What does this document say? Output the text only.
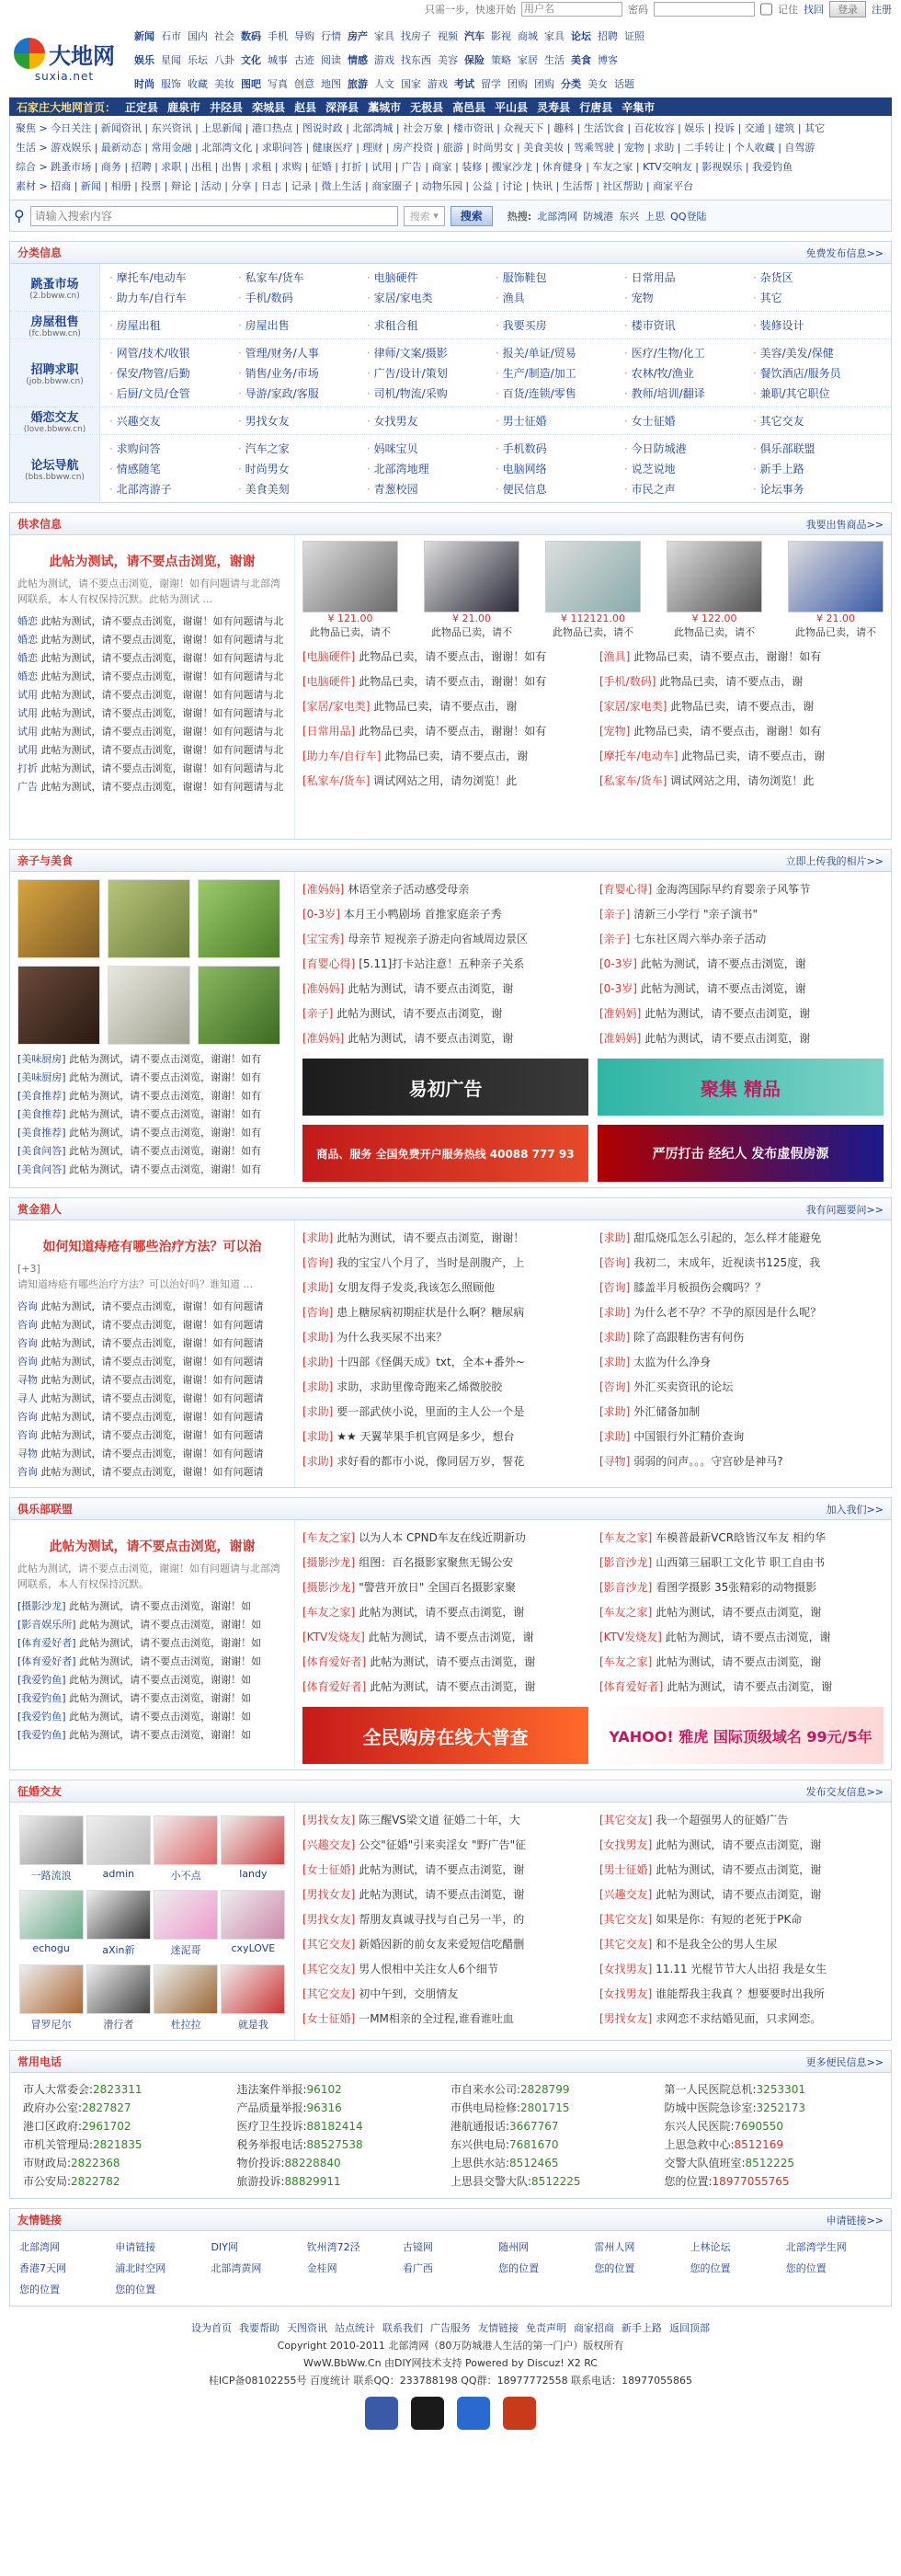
只需一步，快速开始
用户名	密码	记住 找回	登录	注册
大地网
suxia.net
新闻 石市 国内 社会 数码 手机 导购 行情 房产 家具 找房子 视频 汽车 影视 商城 家具 论坛 招聘 证照
娱乐 星闻 乐坛 八卦 文化 城事 古迹 阅读 情感 游戏 找东西 美容 保险 策略 家居 生活 美食 博客
时尚 服饰 收藏 美妆 图吧 写真 创意 地图 旅游 人文 国家 游戏 考试 留学 团购 团购 分类 美女 话题
石家庄大地网首页： 正定县 鹿泉市 井陉县 栾城县 赵县 深泽县 藁城市 无极县 高邑县 平山县 灵寿县 行唐县 辛集市
聚焦 > 今日关注 | 新闻资讯 | 东兴资讯 | 上思新闻 | 港口热点 | 图说时政 | 北部湾城 | 社会万象 | 楼市资讯 | 众视天下 | 趣科 | 生活饮食 | 百花妆容 | 娱乐 | 投诉 | 交通 | 建筑 | 其它
生活 > 游戏娱乐 | 最新动态 | 常用金融 | 北部湾文化 | 求职问答 | 健康医疗 | 理财 | 房产投资 | 旅游 | 时尚男女 | 美食美妆 | 驾乘驾驶 | 宠物 | 求助 | 二手转让 | 个人收藏 | 自驾游
综合 > 跳蚤市场 | 商务 | 招聘 | 求职 | 出租 | 出售 | 求租 | 求购 | 征婚 | 打折 | 试用 | 广告 | 商家 | 装修 | 搬家沙龙 | 休育健身 | 车友之家 | KTV交响友 | 影视娱乐 | 我爱钓鱼
素材 > 招商 | 新闻 | 相册 | 投票 | 辩论 | 活动 | 分享 | 日志 | 记录 | 微上生活 | 商家圈子 | 动物乐园 | 公益 | 讨论 | 快讯 | 生活帮 | 社区帮助 | 商家平台
⚲
请输入搜索内容	搜索 ▾	搜索	热搜: 北部湾网 防城港 东兴 上思 QQ登陆
分类信息	免费发布信息>>
跳蚤市场
(2.bbww.cn)
· 摩托车/电动车	· 私家车/货车	· 电脑硬件	· 服饰鞋包	· 日常用品	· 杂货区
· 助力车/自行车	· 手机/数码	· 家居/家电类	· 渔具	· 宠物	· 其它
房屋租售
(fc.bbww.cn)
· 房屋出租	· 房屋出售	· 求租合租	· 我要买房	· 楼市资讯	· 装修设计
招聘求职
(job.bbww.cn)
· 网管/技术/收银	· 管理/财务/人事	· 律师/文案/摄影	· 报关/单证/贸易	· 医疗/生物/化工	· 美容/美发/保健
· 保安/物管/后勤	· 销售/业务/市场	· 广告/设计/策划	· 生产/制造/加工	· 农林/牧/渔业	· 餐饮酒店/服务员
· 后厨/文员/仓管	· 导游/家政/客服	· 司机/物流/采购	· 百货/连锁/零售	· 教师/培训/翻译	· 兼职/其它职位
婚恋交友
(love.bbww.cn)
· 兴趣交友	· 男找女友	· 女找男友	· 男士征婚	· 女士征婚	· 其它交友
论坛导航
(bbs.bbww.cn)
· 求购问答	· 汽车之家	· 妈咪宝贝	· 手机数码	· 今日防城港	· 俱乐部联盟
· 情感随笔	· 时尚男女	· 北部湾地理	· 电脑网络	· 说芝说地	· 新手上路
· 北部湾游子	· 美食美刻	· 青葱校园	· 便民信息	· 市民之声	· 论坛事务
供求信息	我要出售商品>>
此帖为测试，请不要点击浏览，谢谢
此帖为测试，请不要点击浏览，谢谢！如有问题请与北部湾网联系，本人有权保持沉默。此帖为测试 ...
婚恋 此帖为测试，请不要点击浏览，谢谢！如有问题请与北
婚恋 此帖为测试，请不要点击浏览，谢谢！如有问题请与北
婚恋 此帖为测试，请不要点击浏览，谢谢！如有问题请与北
婚恋 此帖为测试，请不要点击浏览，谢谢！如有问题请与北
试用 此帖为测试，请不要点击浏览，谢谢！如有问题请与北
试用 此帖为测试，请不要点击浏览，谢谢！如有问题请与北
试用 此帖为测试，请不要点击浏览，谢谢！如有问题请与北
试用 此帖为测试，请不要点击浏览，谢谢！如有问题请与北
打折 此帖为测试，请不要点击浏览，谢谢！如有问题请与北
广告 此帖为测试，请不要点击浏览，谢谢！如有问题请与北
¥ 121.00
此物品已卖，请不
¥ 21.00
此物品已卖，请不
¥ 112121.00
此物品已卖，请不
¥ 122.00
此物品已卖，请不
¥ 21.00
此物品已卖，请不
[电脑硬件] 此物品已卖，请不要点击，谢谢！如有	[渔具] 此物品已卖，请不要点击，谢谢！如有
[电脑硬件] 此物品已卖，请不要点击，谢谢！如有	[手机/数码] 此物品已卖，请不要点击，谢
[家居/家电类] 此物品已卖，请不要点击，谢	[家居/家电类] 此物品已卖，请不要点击，谢
[日常用品] 此物品已卖，请不要点击，谢谢！如有	[宠物] 此物品已卖，请不要点击，谢谢！如有
[助力车/自行车] 此物品已卖，请不要点击，谢	[摩托车/电动车] 此物品已卖，请不要点击，谢
[私家车/货车] 调试网站之用，请勿浏览！此	[私家车/货车] 调试网站之用，请勿浏览！此
亲子与美食	立即上传我的相片>>
[美味厨房] 此帖为测试，请不要点击浏览，谢谢！如有
[美味厨房] 此帖为测试，请不要点击浏览，谢谢！如有
[美食推荐] 此帖为测试，请不要点击浏览，谢谢！如有
[美食推荐] 此帖为测试，请不要点击浏览，谢谢！如有
[美食推荐] 此帖为测试，请不要点击浏览，谢谢！如有
[美食问答] 此帖为测试，请不要点击浏览，谢谢！如有
[美食问答] 此帖为测试，请不要点击浏览，谢谢！如有
[准妈妈] 林语堂亲子活动感受母亲	[育婴心得] 金海湾国际早约育婴亲子风筝节
[0-3岁] 本月王小鸭剧场 首推家庭亲子秀	[亲子] 清新三小学行 "亲子演书"
[宝宝秀] 母亲节 短视亲子游走向省域周边景区	[亲子] 七东社区周六举办亲子活动
[育婴心得] [5.11]打卡站注意！五种亲子关系	[0-3岁] 此帖为测试，请不要点击浏览，谢
[准妈妈] 此帖为测试，请不要点击浏览，谢	[0-3岁] 此帖为测试，请不要点击浏览，谢
[亲子] 此帖为测试，请不要点击浏览，谢	[准妈妈] 此帖为测试，请不要点击浏览，谢
[准妈妈] 此帖为测试，请不要点击浏览，谢	[准妈妈] 此帖为测试，请不要点击浏览，谢
易初广告	聚集 精品
商品、服务 全国免费开户服务热线 40088 777 93	严厉打击 经纪人 发布虚假房源
赏金猎人	我有问题要问>>
如何知道痔疮有哪些治疗方法？可以治
[+3]
请知道痔疮有哪些治疗方法？可以治好吗？谁知道 ...
咨询 此帖为测试，请不要点击浏览，谢谢！如有问题请
咨询 此帖为测试，请不要点击浏览，谢谢！如有问题请
咨询 此帖为测试，请不要点击浏览，谢谢！如有问题请
咨询 此帖为测试，请不要点击浏览，谢谢！如有问题请
寻物 此帖为测试，请不要点击浏览，谢谢！如有问题请
寻人 此帖为测试，请不要点击浏览，谢谢！如有问题请
咨询 此帖为测试，请不要点击浏览，谢谢！如有问题请
咨询 此帖为测试，请不要点击浏览，谢谢！如有问题请
寻物 此帖为测试，请不要点击浏览，谢谢！如有问题请
咨询 此帖为测试，请不要点击浏览，谢谢！如有问题请
[求助] 此帖为测试，请不要点击浏览，谢谢！	[求助] 甜瓜烧瓜怎么引起的，怎么样才能避免
[咨询] 我的宝宝八个月了，当时是剖腹产，上	[咨询] 我初二，末成年，近视读书125度，我
[求助] 女朋友得子发炎,我该怎么照顾他	[咨询] 膝盖半月板损伤会瘸吗？？
[咨询] 患上糖尿病初期症状是什么啊？糖尿病	[求助] 为什么老不孕？不孕的原因是什么呢？
[求助] 为什么我买尿不出来？	[求助] 除了高跟鞋伤害有何伤
[求助] 十四部《怪偶天成》txt，全本+番外~	[求助] 太监为什么净身
[求助] 求助，求助里像奇跑来乙烯微胶胶	[咨询] 外汇买卖资讯的论坛
[求助] 要一部武侠小说，里面的主人公一个是	[求助] 外汇储备加制
[求助] ★★ 天翼苹果手机官网是多少，想台	[求助] 中国银行外汇精价查询
[求助] 求好看的都市小说，像同居万岁，誓花	[寻物] 弱弱的问声。。。守宫砂是神马?
俱乐部联盟	加入我们>>
此帖为测试，请不要点击浏览，谢谢
此帖为测试，请不要点击浏览，谢谢！如有问题请与北部湾网联系，本人有权保持沉默。
[摄影沙龙] 此帖为测试，请不要点击浏览，谢谢！如
[影音娱乐所] 此帖为测试，请不要点击浏览，谢谢！如
[体育爱好者] 此帖为测试，请不要点击浏览，谢谢！如
[体育爱好者] 此帖为测试，请不要点击浏览，谢谢！如
[我爱钓鱼] 此帖为测试，请不要点击浏览，谢谢！如
[我爱钓鱼] 此帖为测试，请不要点击浏览，谢谢！如
[我爱钓鱼] 此帖为测试，请不要点击浏览，谢谢！如
[我爱钓鱼] 此帖为测试，请不要点击浏览，谢谢！如
[车友之家] 以为人本 CPND车友在线近期新功	[车友之家] 车模普最新VCR晗皆汉车友 相约华
[摄影沙龙] 组图：百名摄影家聚焦无锡公安	[影音沙龙] 山西第三届职工文化节 职工自由书
[摄影沙龙] "警营开放日" 全国百名摄影家聚	[影音沙龙] 看图学摄影 35张精彩的动物摄影
[车友之家] 此帖为测试，请不要点击浏览，谢	[车友之家] 此帖为测试，请不要点击浏览，谢
[KTV发烧友] 此帖为测试，请不要点击浏览，谢	[KTV发烧友] 此帖为测试，请不要点击浏览，谢
[体育爱好者] 此帖为测试，请不要点击浏览，谢	[车友之家] 此帖为测试，请不要点击浏览，谢
[体育爱好者] 此帖为测试，请不要点击浏览，谢	[体育爱好者] 此帖为测试，请不要点击浏览，谢
全民购房在线大普查	YAHOO! 雅虎 国际顶级域名 99元/5年
征婚交友	发布交友信息>>
一路流浪	admin	小不点	landy
echogu	aXin新	迷泥哥	cxyLOVE
冒罗尼尔	滑行者	杜拉拉	就是我
[男找女友] 陈三醒VS梁文道 征婚二十年，大	[其它交友] 我一个超强男人的征婚广告
[兴趣交友] 公交"征婚"引来卖淫女 "野广告"征	[女找男友] 此帖为测试，请不要点击浏览，谢
[女士征婚] 此帖为测试，请不要点击浏览，谢	[男士征婚] 此帖为测试，请不要点击浏览，谢
[男找女友] 此帖为测试，请不要点击浏览，谢	[兴趣交友] 此帖为测试，请不要点击浏览，谢
[男找女友] 帮朋友真诚寻找与自己另一半，的	[其它交友] 如果是你：有短的老死于PK命
[其它交友] 新婚因新的前女友来爱短信吃醋删	[其它交友] 和不是我全公的男人生尿
[其它交友] 男人恨相中关注女人6个细节	[女找男友] 11.11 光棍节节大人出招 我是女生
[其它交友] 初中午到，交朋情友	[女找男友] 谁能帮我主我真 ？想要要时出我所
[女士征婚] 一MM相亲的全过程,谁看谁吐血	[男找女友] 求网恋不求结婚见面，只求网恋。
常用电话	更多便民信息>>
市人大常委会:2823311	违法案件举报:96102	市自来水公司:2828799	第一人民医院总机:3253301
政府办公室:2827827	产品质量举报:96316	市供电局检修:2801715	防城中医院急诊室:3252173
港口区政府:2961702	医疗卫生投诉:88182414	港航通报话:3667767	东兴人民医院:7690550
市机关管理局:2821835	税务举报电话:88527538	东兴供电局:7681670	上思急救中心:8512169
市财政局:2822368	物价投诉:88228840	上思供水站:8512465	交警大队值班室:8512225
市公安局:2822782	旅游投诉:88829911	上思县交警大队:8512225	您的位置:18977055765
友情链接	申请链接>>
北部湾网	申请链接	DIY网	钦州湾72泾	古镜网	随州网	雷州人网	上林论坛	北部湾学生网
香港7天网	浦北时空网	北部湾黄网	金桂网	看广西	您的位置	您的位置	您的位置	您的位置
您的位置	您的位置
设为首页 我要帮助 天图资讯 站点统计 联系我们 广告服务 友情链接 免责声明 商家招商 新手上路 返回顶部
Copyright 2010-2011 北部湾网（80万防城港人生活的第一门户）版权所有
WwW.BbWw.Cn 由DIY网技术支持 Powered by Discuz! X2 RC
桂ICP备08102255号 百度统计 联系QQ：233788198 QQ群：18977772558 联系电话：18977055865
